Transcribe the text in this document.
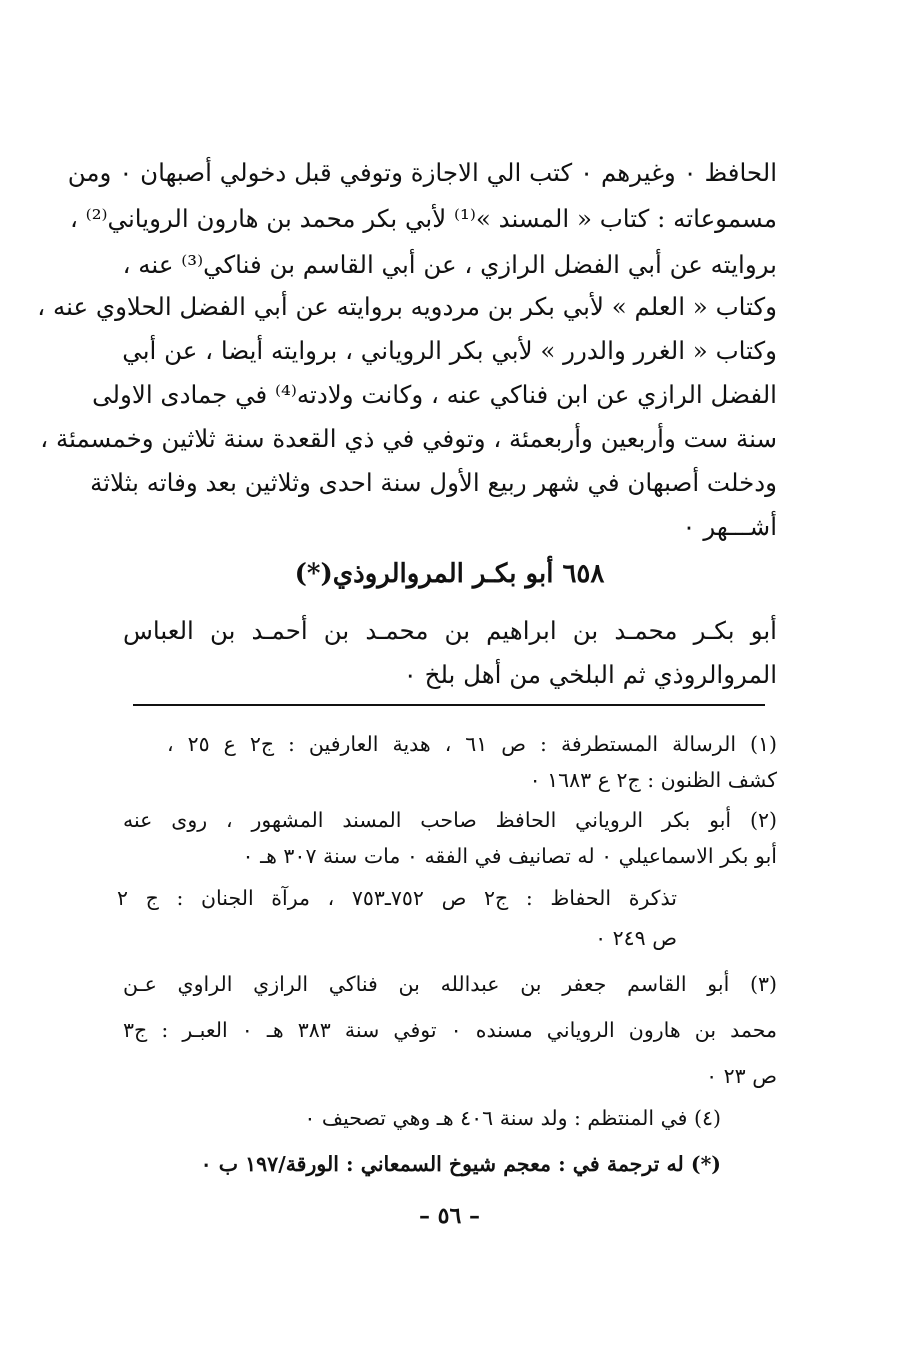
الحافظ ٠ وغيرهم ٠ كتب الي الاجازة وتوفي قبل دخولي أصبهان ٠ ومن
مسموعاته : كتاب « المسند »⁽¹⁾ لأبي بكر محمد بن هارون الروياني⁽²⁾ ،
بروايته عن أبي الفضل الرازي ، عن أبي القاسم بن فناكي⁽³⁾ عنه ،
وكتاب « العلم » لأبي بكر بن مردويه بروايته عن أبي الفضل الحلاوي عنه ،
وكتاب « الغرر والدرر » لأبي بكر الروياني ، بروايته أيضا ، عن أبي
الفضل الرازي عن ابن فناكي عنه ، وكانت ولادته⁽⁴⁾ في جمادى الاولى
سنة ست وأربعين وأربعمئة ، وتوفي في ذي القعدة سنة ثلاثين وخمسمئة ،
ودخلت أصبهان في شهر ربيع الأول سنة احدى وثلاثين بعد وفاته بثلاثة
أشـــهر ٠
٦٥٨ أبو بكـر المروالروذي(*)
أبو بكـر محمـد بن ابراهيم بن محمـد بن أحمـد بن العباس
المروالروذي ثم البلخي من أهل بلخ ٠
(١) الرسالة المستطرفة : ص ٦١ ، هدية العارفين : ج٢ ع ٢٥ ،
كشف الظنون : ج٢ ع ١٦٨٣ ٠
(٢) أبو بكر الروياني الحافظ صاحب المسند المشهور ، روى عنه
أبو بكر الاسماعيلي ٠ له تصانيف في الفقه ٠ مات سنة ٣٠٧ هـ ٠
تذكرة الحفاظ : ج٢ ص ٧٥٢ـ٧٥٣ ، مرآة الجنان : ج ٢
ص ٢٤٩ ٠
(٣) أبو القاسم جعفر بن عبدالله بن فناكي الرازي الراوي عـن
محمد بن هارون الروياني مسنده ٠ توفي سنة ٣٨٣ هـ ٠ العبـر : ج٣
ص ٢٣ ٠
(٤) في المنتظم : ولد سنة ٤٠٦ هـ وهي تصحيف ٠
(*) له ترجمة في : معجم شيوخ السمعاني : الورقة/١٩٧ ب ٠
– ٥٦ –
